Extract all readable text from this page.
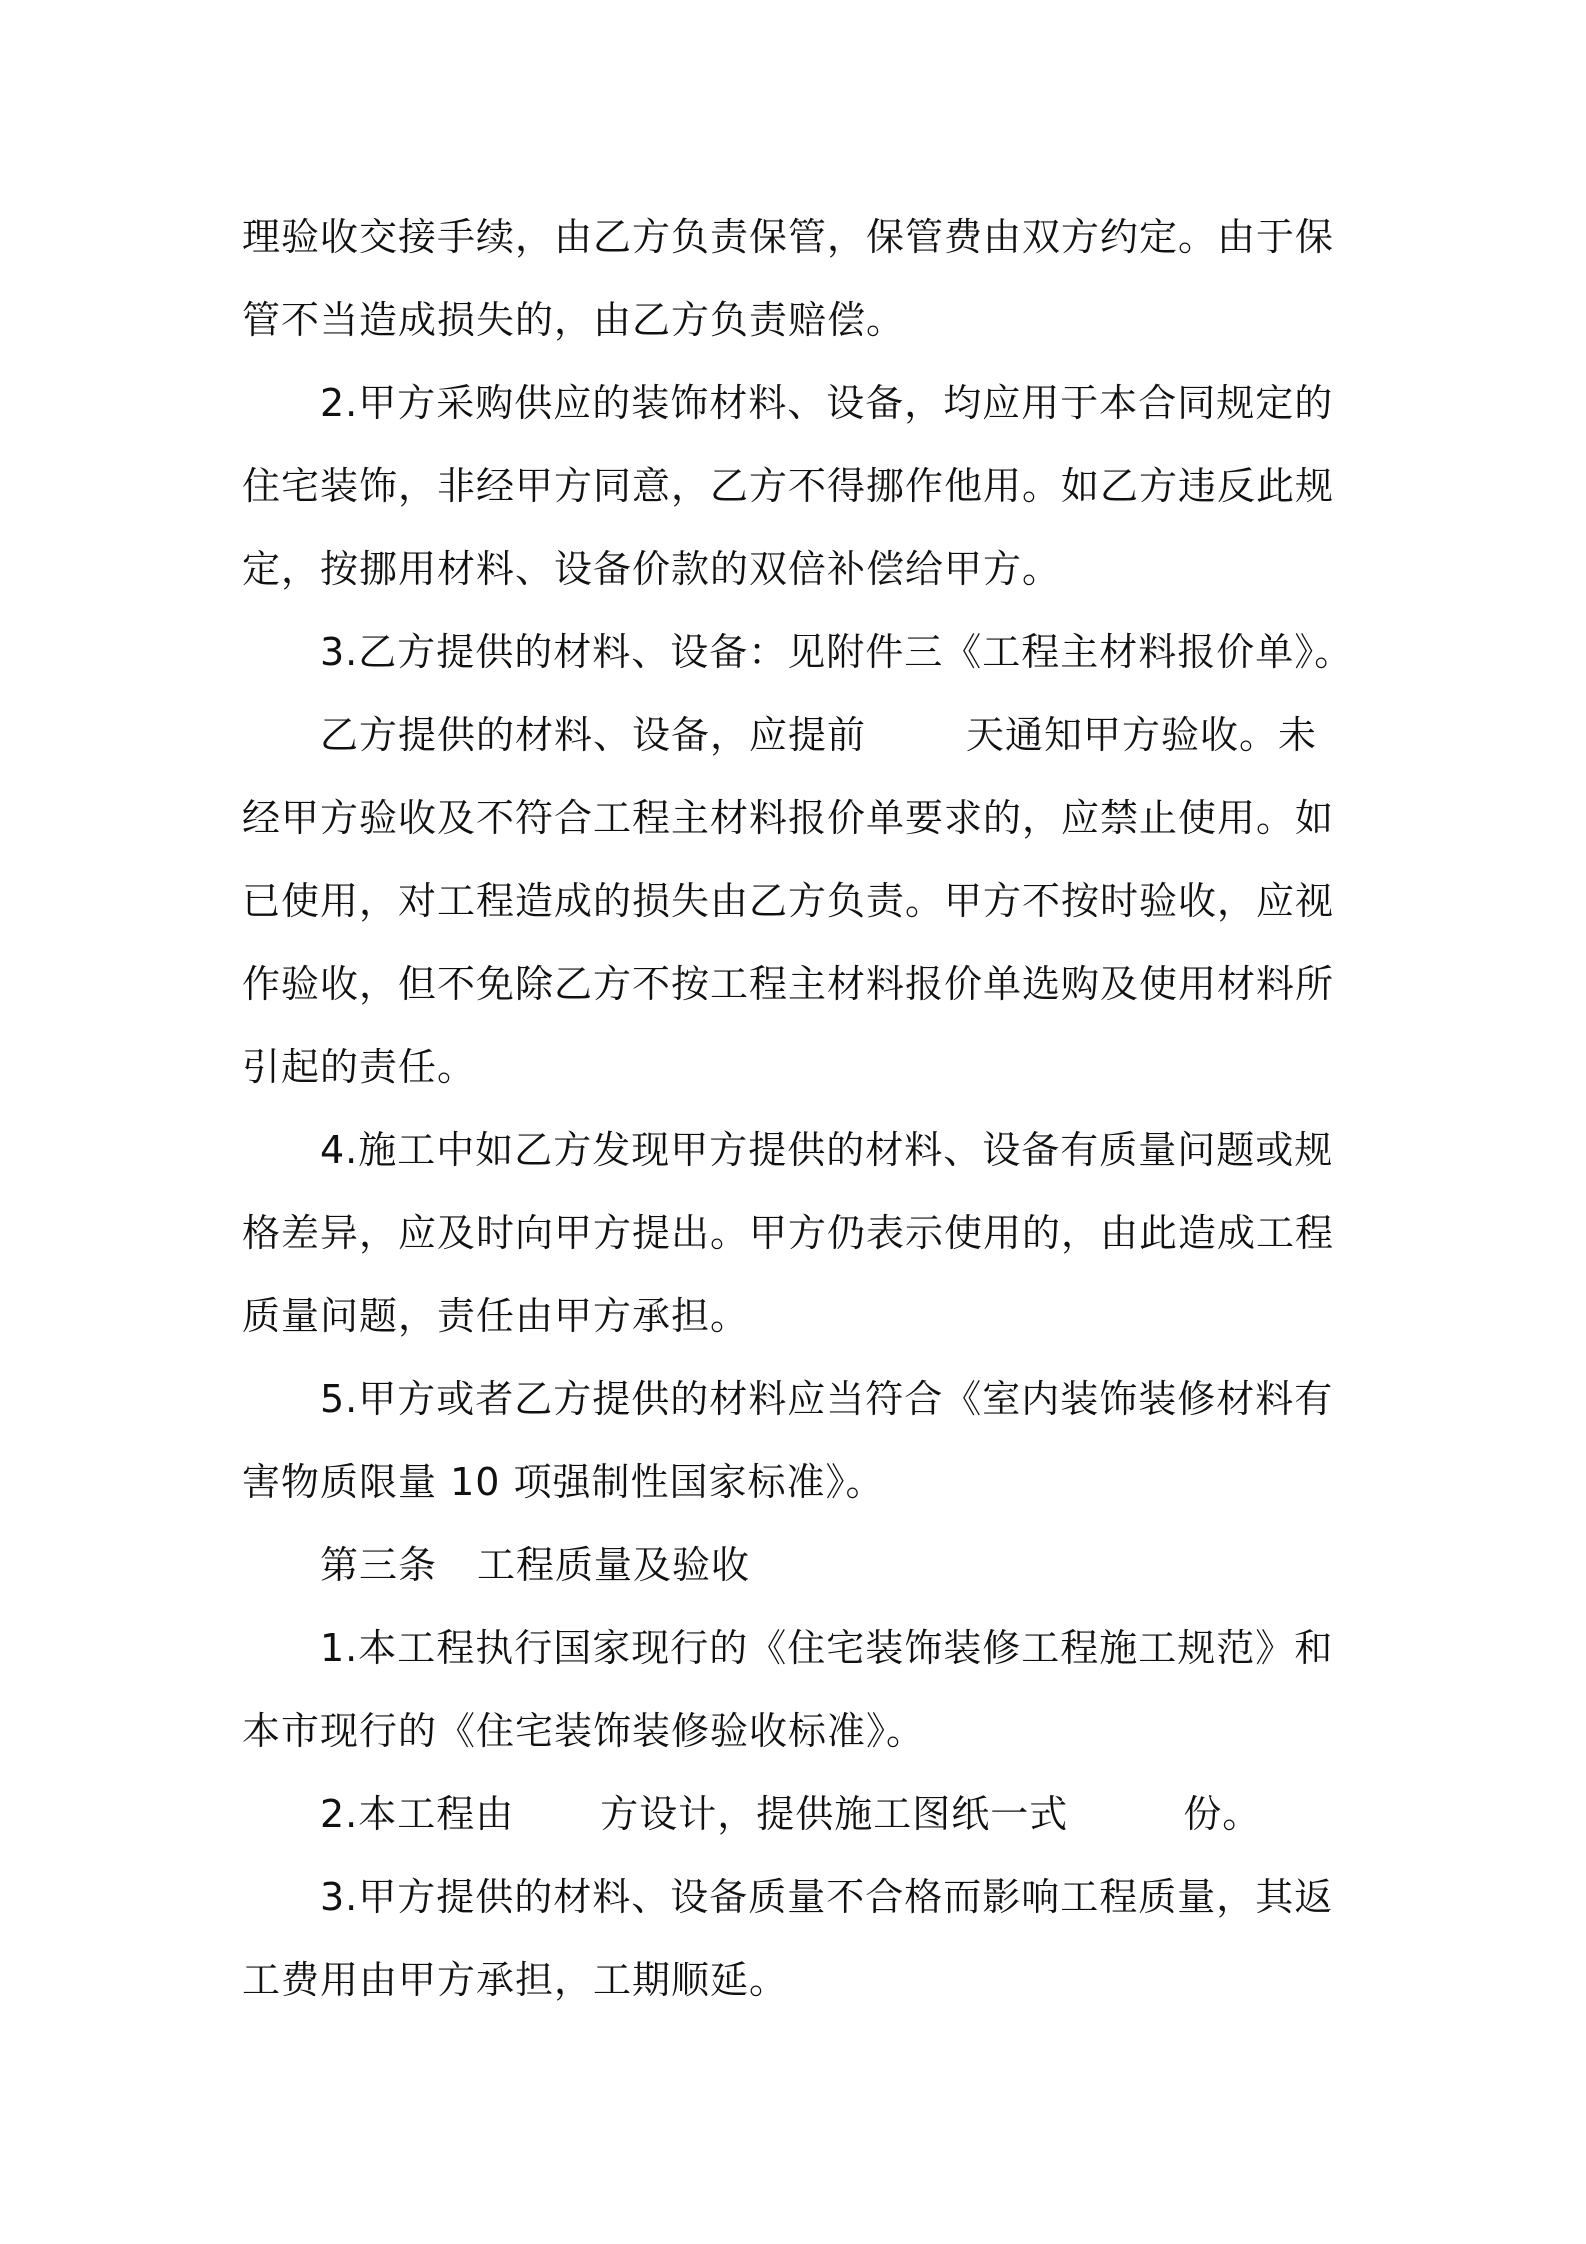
理验收交接手续，由乙方负责保管，保管费由双方约定。由于保
管不当造成损失的，由乙方负责赔偿。
2.甲方采购供应的装饰材料、设备，均应用于本合同规定的
住宅装饰，非经甲方同意，乙方不得挪作他用。如乙方违反此规
定，按挪用材料、设备价款的双倍补偿给甲方。
3.乙方提供的材料、设备：见附件三《工程主材料报价单》。
乙方提供的材料、设备，应提前	天通知甲方验收。未
经甲方验收及不符合工程主材料报价单要求的，应禁止使用。如
已使用，对工程造成的损失由乙方负责。甲方不按时验收，应视
作验收，但不免除乙方不按工程主材料报价单选购及使用材料所
引起的责任。
4.施工中如乙方发现甲方提供的材料、设备有质量问题或规
格差异，应及时向甲方提出。甲方仍表示使用的，由此造成工程
质量问题，责任由甲方承担。
5.甲方或者乙方提供的材料应当符合《室内装饰装修材料有
害物质限量 10 项强制性国家标准》。
第三条 工程质量及验收
1.本工程执行国家现行的《住宅装饰装修工程施工规范》和
本市现行的《住宅装饰装修验收标准》。
2.本工程由 方设计，提供施工图纸一式	份。
3.甲方提供的材料、设备质量不合格而影响工程质量，其返
工费用由甲方承担，工期顺延。
